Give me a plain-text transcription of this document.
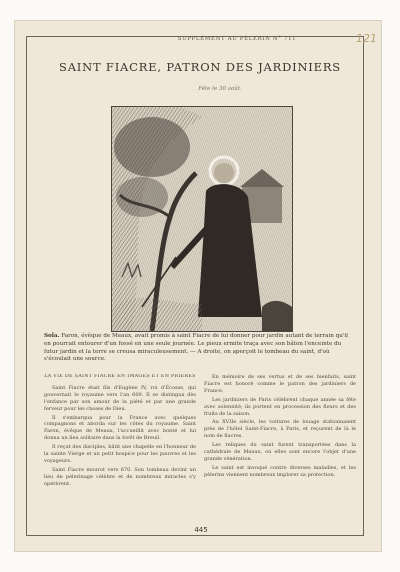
SUPPLÉMENT AU PÈLERIN N° 711	121
SAINT FIACRE, PATRON DES JARDINIERS
Fête le 30 août.
Sola. Faron, évêque de Meaux, avait promis à saint Fiacre de lui donner pour jardin autant de terrain qu'il en pourrait entourer d'un fossé en une seule journée. Le pieux ermite traça avec son bâton l'enceinte du futur jardin et la terre se creusa miraculeusement. — A droite, on aperçoit le tombeau du saint, d'où s'écoulait une source.

LA VIE DE SAINT FIACRE EN IMAGES ET EN PRIÈRES

Saint Fiacre était fils d'Eugène IV, roi d'Écosse, qui gouvernait le royaume vers l'an 600. Il se distingua dès l'enfance par son amour de la piété et par une grande ferveur pour les choses de Dieu.

Il s'embarqua pour la France avec quelques compagnons et aborda sur les côtes du royaume. Saint Faron, évêque de Meaux, l'accueillit avec bonté et lui donna un lieu solitaire dans la forêt de Breuil.

Il reçut des disciples, bâtit une chapelle en l'honneur de la sainte Vierge et un petit hospice pour les pauvres et les voyageurs.

Saint Fiacre mourut vers 670. Son tombeau devint un lieu de pèlerinage célèbre et de nombreux miracles s'y opérèrent.

En mémoire de ses vertus et de ses bienfaits, saint Fiacre est honoré comme le patron des jardiniers de France.

Les jardiniers de Paris célèbrent chaque année sa fête avec solennité; ils portent en procession des fleurs et des fruits de la saison.

Au XVIIe siècle, les voitures de louage stationnaient près de l'hôtel Saint-Fiacre, à Paris, et reçurent de là le nom de fiacres.

Les reliques du saint furent transportées dans la cathédrale de Meaux, où elles sont encore l'objet d'une grande vénération.

Le saint est invoqué contre diverses maladies, et les pèlerins viennent nombreux implorer sa protection.

445
